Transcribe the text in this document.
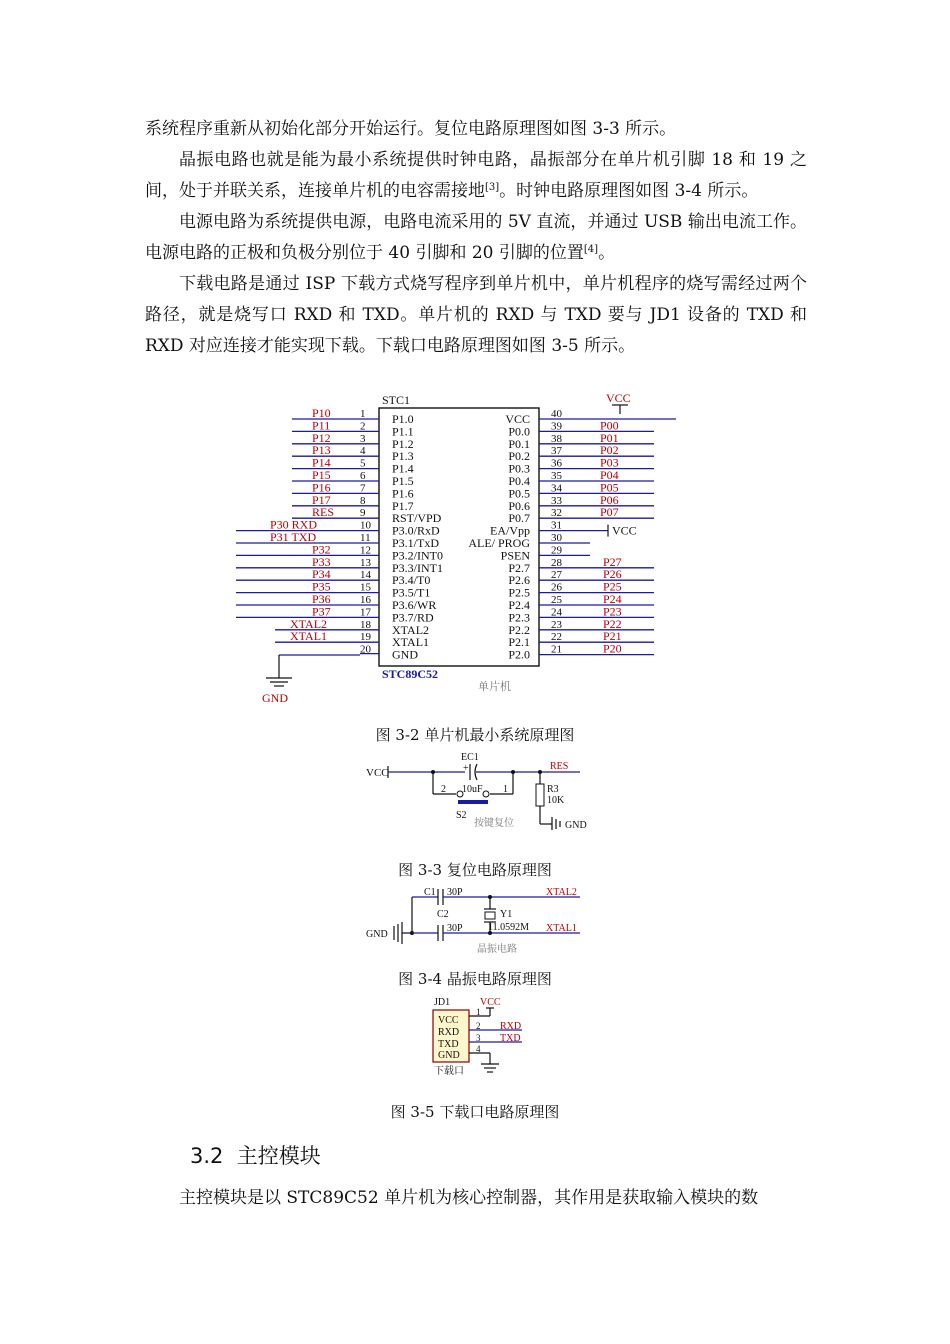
系统程序重新从初始化部分开始运行。复位电路原理图如图 3-3 所示。

晶振电路也就是能为最小系统提供时钟电路，晶振部分在单片机引脚 18 和 19 之间，处于并联关系，连接单片机的电容需接地[3]。时钟电路原理图如图 3-4 所示。

电源电路为系统提供电源，电路电流采用的 5V 直流，并通过 USB 输出电流工作。电源电路的正极和负极分别位于 40 引脚和 20 引脚的位置[4]。

下载电路是通过 ISP 下载方式烧写程序到单片机中，单片机程序的烧写需经过两个路径，就是烧写口 RXD 和 TXD。单片机的 RXD 与 TXD 要与 JD1 设备的 TXD 和 RXD 对应连接才能实现下载。下载口电路原理图如图 3-5 所示。

STC1
STC89C52
单片机
VCC
GND
P10	1 P1.0
P11	2 P1.1
P12	3 P1.2
P13	4 P1.3
P14	5 P1.4
P15	6 P1.5
P16	7 P1.6
P17	8 P1.7
RES 9 RST/VPD
P30 RXD	10 P3.0/RxD
P31 TXD	11 P3.1/TxD
P32	12 P3.2/INT0
P33	13 P3.3/INT1
P34	14 P3.4/T0
P35	15 P3.5/T1
P36	16 P3.6/WR
P37	17 P3.7/RD
XTAL2	18 XTAL2
XTAL1	19 XTAL1
20 GND
40
VCC
39
P0.0	P00
38
P0.1	P01
37
P0.2	P02
36
P0.3	P03
35
P0.4	P04
34
P0.5	P05
33
P0.6	P06
32
P0.7	P07
31
EA/Vpp	VCC
30
ALE/ PROG
29
PSEN
28
P2.7	P27
27
P2.6	P26
26
P2.5	P25
25
P2.4	P24
24
P2.3	P23
23
P2.2	P22
22
P2.1	P21
21
P2.0	P20
图 3-2 单片机最小系统原理图
VCC
EC1
+	RES
2	1
10uF
S2
按键复位
R3
10K
GND
图 3-3 复位电路原理图
GND
C1 30P	XTAL2
C2
30P	XTAL1
Y1
11.0592M
晶振电路
图 3-4 晶振电路原理图
JD1	VCC
VCC
RXD
TXD
GND
1
2
3
4
RXD
TXD
下载口
图 3-5 下载口电路原理图
3.2 主控模块

主控模块是以 STC89C52 单片机为核心控制器，其作用是获取输入模块的数
